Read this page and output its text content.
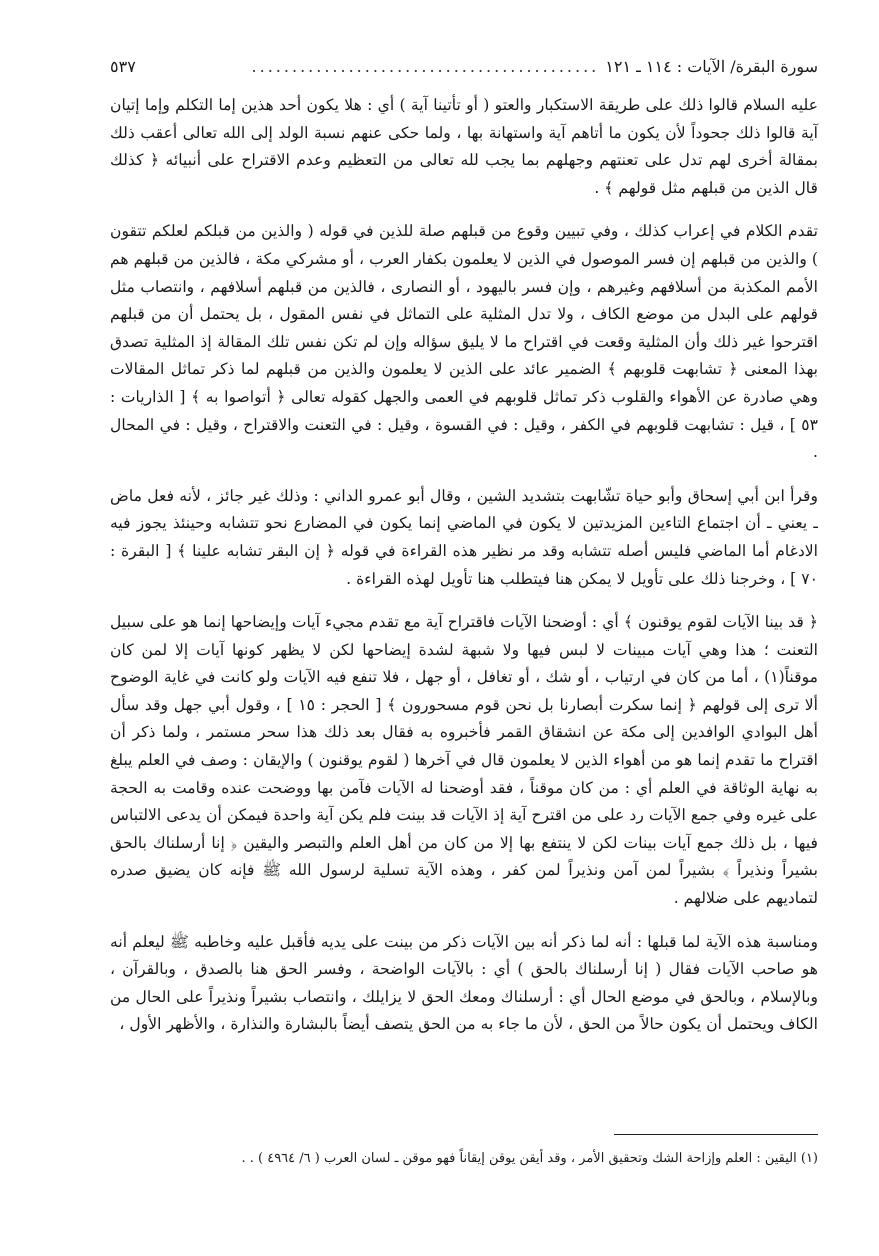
سورة البقرة/ الآيات : ١١٤ ـ ١٢١
...........................................
٥٣٧

عليه السلام قالوا ذلك على طريقة الاستكبار والعتو ( أو تأتينا آية ) أي : هلا يكون أحد هذين إما التكلم وإما إتيان آية قالوا ذلك جحوداً لأن يكون ما أتاهم آية واستهانة بها ، ولما حكى عنهم نسبة الولد إلى الله تعالى أعقب ذلك بمقالة أخرى لهم تدل على تعنتهم وجهلهم بما يجب لله تعالى من التعظيم وعدم الاقتراح على أنبيائه ﴿ كذلك قال الذين من قبلهم مثل قولهم ﴾ .

تقدم الكلام في إعراب كذلك ، وفي تبيين وقوع من قبلهم صلة للذين في قوله ( والذين من قبلكم لعلكم تتقون ) والذين من قبلهم إن فسر الموصول في الذين لا يعلمون بكفار العرب ، أو مشركي مكة ، فالذين من قبلهم هم الأمم المكذبة من أسلافهم وغيرهم ، وإن فسر باليهود ، أو النصارى ، فالذين من قبلهم أسلافهم ، وانتصاب مثل قولهم على البدل من موضع الكاف ، ولا تدل المثلية على التماثل في نفس المقول ، بل يحتمل أن من قبلهم اقترحوا غير ذلك وأن المثلية وقعت في اقتراح ما لا يليق سؤاله وإن لم تكن نفس تلك المقالة إذ المثلية تصدق بهذا المعنى ﴿ تشابهت قلوبهم ﴾ الضمير عائد على الذين لا يعلمون والذين من قبلهم لما ذكر تماثل المقالات وهي صادرة عن الأهواء والقلوب ذكر تماثل قلوبهم في العمى والجهل كقوله تعالى ﴿ أتواصوا به ﴾ [ الذاريات : ٥٣ ] ، قيل : تشابهت قلوبهم في الكفر ، وقيل : في القسوة ، وقيل : في التعنت والاقتراح ، وقيل : في المحال .

وقرأ ابن أبي إسحاق وأبو حياة تشّابهت بتشديد الشين ، وقال أبو عمرو الداني : وذلك غير جائز ، لأنه فعل ماض ـ يعني ـ أن اجتماع التاءين المزيدتين لا يكون في الماضي إنما يكون في المضارع نحو تتشابه وحينئذ يجوز فيه الادغام أما الماضي فليس أصله تتشابه وقد مر نظير هذه القراءة في قوله ﴿ إن البقر تشابه علينا ﴾ [ البقرة : ٧٠ ] ، وخرجنا ذلك على تأويل لا يمكن هنا فيتطلب هنا تأويل لهذه القراءة .

﴿ قد بينا الآيات لقوم يوقنون ﴾ أي : أوضحنا الآيات فاقتراح آية مع تقدم مجيء آيات وإيضاحها إنما هو على سبيل التعنت ؛ هذا وهي آيات مبينات لا لبس فيها ولا شبهة لشدة إيضاحها لكن لا يظهر كونها آيات إلا لمن كان موقناً(١) ، أما من كان في ارتياب ، أو شك ، أو تغافل ، أو جهل ، فلا تنفع فيه الآيات ولو كانت في غاية الوضوح ألا ترى إلى قولهم ﴿ إنما سكرت أبصارنا بل نحن قوم مسحورون ﴾ [ الحجر : ١٥ ] ، وقول أبي جهل وقد سأل أهل البوادي الوافدين إلى مكة عن انشقاق القمر فأخبروه به فقال بعد ذلك هذا سحر مستمر ، ولما ذكر أن اقتراح ما تقدم إنما هو من أهواء الذين لا يعلمون قال في آخرها ( لقوم يوقنون ) والإيقان : وصف في العلم يبلغ به نهاية الوثاقة في العلم أي : من كان موقناً ، فقد أوضحنا له الآيات فآمن بها ووضحت عنده وقامت به الحجة على غيره وفي جمع الآيات رد على من اقترح آية إذ الآيات قد بينت فلم يكن آية واحدة فيمكن أن يدعى الالتباس فيها ، بل ذلك جمع آيات بينات لكن لا ينتفع بها إلا من كان من أهل العلم والتبصر واليقين ﴿ إنا أرسلناك بالحق بشيراً ونذيراً ﴾ بشيراً لمن آمن ونذيراً لمن كفر ، وهذه الآية تسلية لرسول الله ﷺ فإنه كان يضيق صدره لتماديهم على ضلالهم .

ومناسبة هذه الآية لما قبلها : أنه لما ذكر أنه بين الآيات ذكر من بينت على يديه فأقبل عليه وخاطبه ﷺ ليعلم أنه هو صاحب الآيات فقال ( إنا أرسلناك بالحق ) أي : بالآيات الواضحة ، وفسر الحق هنا بالصدق ، وبالقرآن ، وبالإسلام ، وبالحق في موضع الحال أي : أرسلناك ومعك الحق لا يزايلك ، وانتصاب بشيراً ونذيراً على الحال من الكاف ويحتمل أن يكون حالاً من الحق ، لأن ما جاء به من الحق يتصف أيضاً بالبشارة والنذارة ، والأظهر الأول ،

(١) اليقين : العلم وإزاحة الشك وتحقيق الأمر ، وقد أيقن يوقن إيقاناً فهو موقن ـ لسان العرب ( ٦/ ٤٩٦٤ ) . .
